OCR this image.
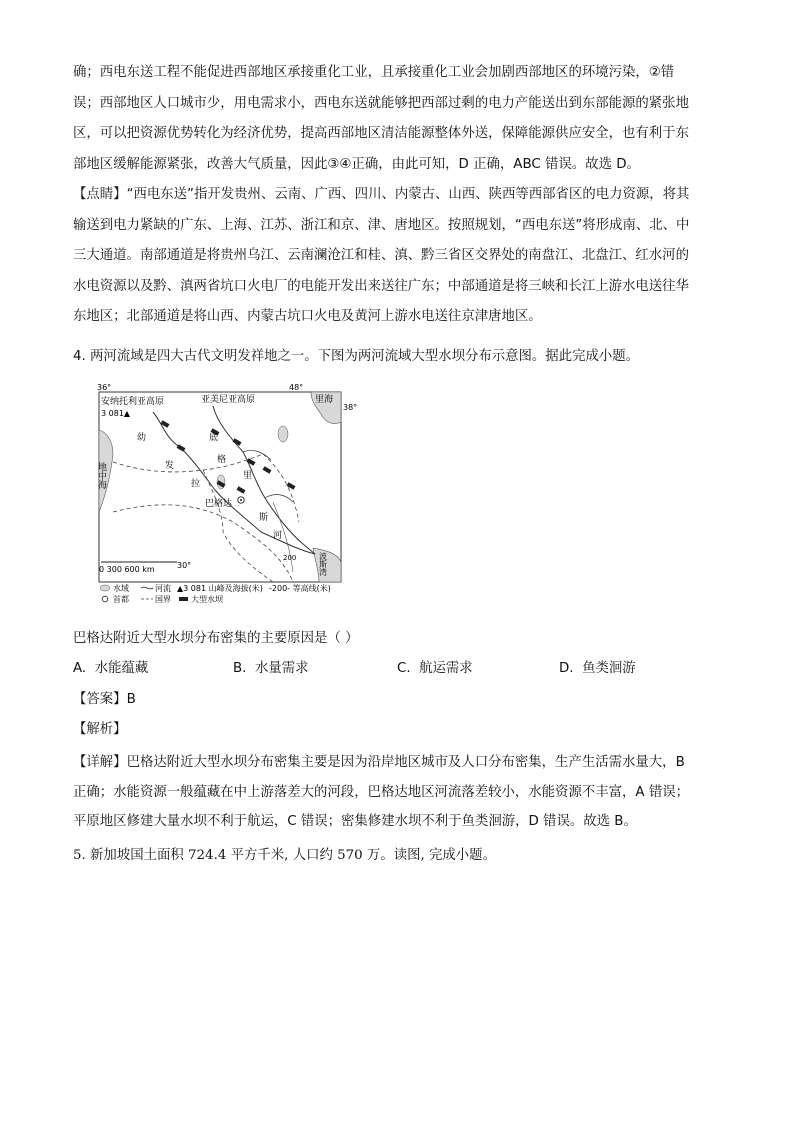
确；西电东送工程不能促进西部地区承接重化工业，且承接重化工业会加剧西部地区的环境污染，②错
误；西部地区人口城市少，用电需求小，西电东送就能够把西部过剩的电力产能送出到东部能源的紧张地
区，可以把资源优势转化为经济优势，提高西部地区清洁能源整体外送，保障能源供应安全，也有利于东
部地区缓解能源紧张，改善大气质量，因此③④正确，由此可知，D 正确，ABC 错误。故选 D。
【点睛】“西电东送”指开发贵州、云南、广西、四川、内蒙古、山西、陕西等西部省区的电力资源，将其
输送到电力紧缺的广东、上海、江苏、浙江和京、津、唐地区。按照规划，“西电东送”将形成南、北、中
三大通道。南部通道是将贵州乌江、云南澜沧江和桂、滇、黔三省区交界处的南盘江、北盘江、红水河的
水电资源以及黔、滇两省坑口火电厂的电能开发出来送往广东；中部通道是将三峡和长江上游水电送往华
东地区；北部通道是将山西、内蒙古坑口火电及黄河上游水电送往京津唐地区。
4. 两河流域是四大古代文明发祥地之一。下图为两河流域大型水坝分布示意图。据此完成小题。
36°	48°
38°
30°
安纳托利亚高原	亚美尼亚高原	里海
3 081▲
地中海
波斯湾
幼
发
拉
底
格
里
斯
河
巴格达
200
0 300 600 km
水域	河流 ▲3 081 山峰及海拔(米) -200- 等高线(米)
首都	国界	大型水坝
巴格达附近大型水坝分布密集的主要原因是（ ）
A. 水能蕴藏	B. 水量需求	C. 航运需求	D. 鱼类洄游
【答案】B
【解析】
【详解】巴格达附近大型水坝分布密集主要是因为沿岸地区城市及人口分布密集，生产生活需水量大，B
正确；水能资源一般蕴藏在中上游落差大的河段，巴格达地区河流落差较小，水能资源不丰富，A 错误；
平原地区修建大量水坝不利于航运，C 错误；密集修建水坝不利于鱼类洄游，D 错误。故选 B。
5. 新加坡国土面积 724.4 平方千米, 人口约 570 万。读图, 完成小题。
